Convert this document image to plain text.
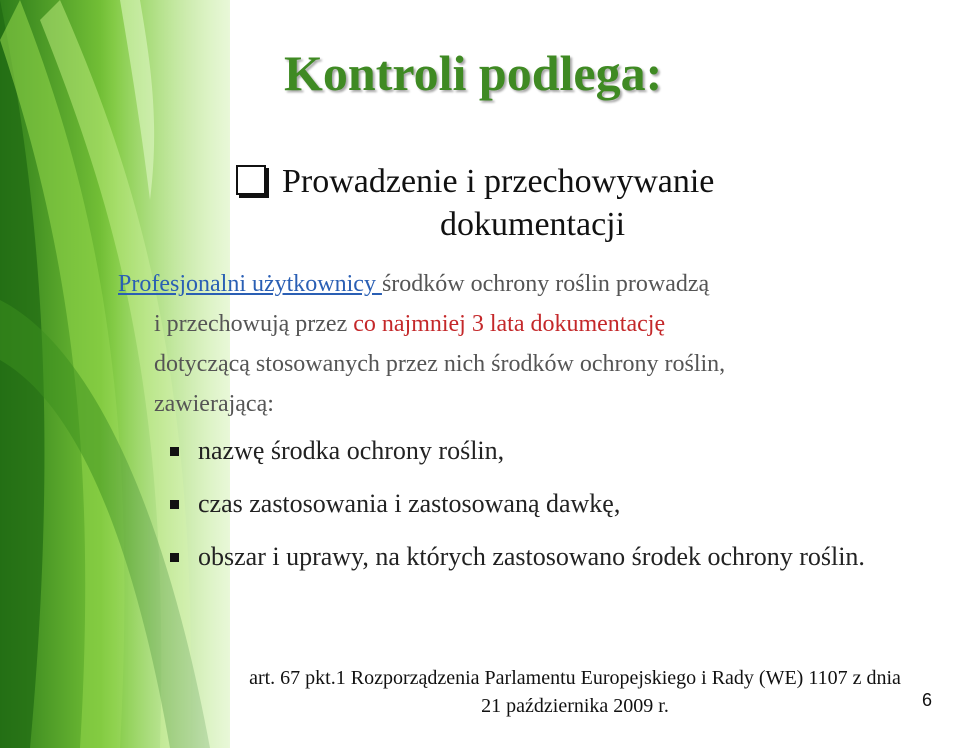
Kontroli podlega:
Prowadzenie i przechowywanie
dokumentacji
Profesjonalni użytkownicy środków ochrony roślin prowadzą
i przechowują przez co najmniej 3 lata dokumentację
dotyczącą stosowanych przez nich środków ochrony roślin,
zawierającą:
nazwę środka ochrony roślin,
czas zastosowania i zastosowaną dawkę,
obszar i uprawy, na których zastosowano środek ochrony roślin.
art. 67 pkt.1 Rozporządzenia Parlamentu Europejskiego i Rady (WE) 1107 z dnia
21 października 2009 r.	6
